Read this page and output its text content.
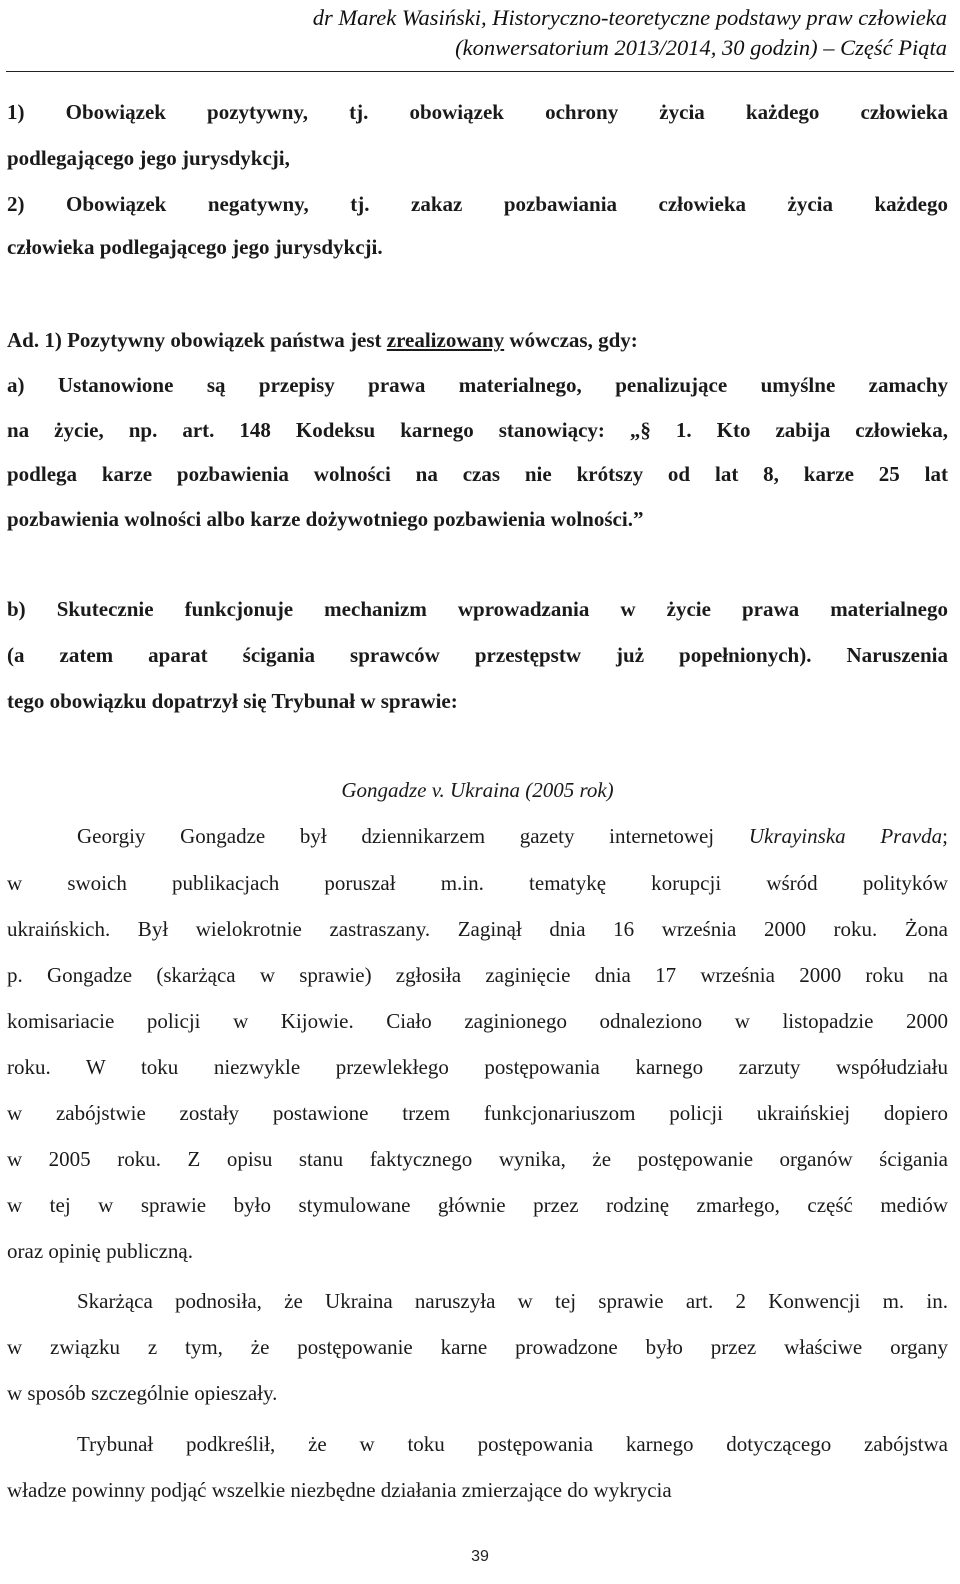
dr Marek Wasiński, Historyczno-teoretyczne podstawy praw człowieka
(konwersatorium 2013/2014, 30 godzin) – Część Piąta
1) Obowiązek pozytywny, tj. obowiązek ochrony życia każdego człowieka
podlegającego jego jurysdykcji,
2) Obowiązek negatywny, tj. zakaz pozbawiania człowieka życia każdego
człowieka podlegającego jego jurysdykcji.
Ad. 1) Pozytywny obowiązek państwa jest zrealizowany wówczas, gdy:
a) Ustanowione są przepisy prawa materialnego, penalizujące umyślne zamachy
na życie, np. art. 148 Kodeksu karnego stanowiący: „§ 1. Kto zabija człowieka,
podlega karze pozbawienia wolności na czas nie krótszy od lat 8, karze 25 lat
pozbawienia wolności albo karze dożywotniego pozbawienia wolności.”
b) Skutecznie funkcjonuje mechanizm wprowadzania w życie prawa materialnego
(a zatem aparat ścigania sprawców przestępstw już popełnionych). Naruszenia
tego obowiązku dopatrzył się Trybunał w sprawie:
Gongadze v. Ukraina (2005 rok)
Georgiy Gongadze był dziennikarzem gazety internetowej Ukrayinska Pravda;
w swoich publikacjach poruszał m.in. tematykę korupcji wśród polityków
ukraińskich. Był wielokrotnie zastraszany. Zaginął dnia 16 września 2000 roku. Żona
p. Gongadze (skarżąca w sprawie) zgłosiła zaginięcie dnia 17 września 2000 roku na
komisariacie policji w Kijowie. Ciało zaginionego odnaleziono w listopadzie 2000
roku. W toku niezwykle przewlekłego postępowania karnego zarzuty współudziału
w zabójstwie zostały postawione trzem funkcjonariuszom policji ukraińskiej dopiero
w 2005 roku. Z opisu stanu faktycznego wynika, że postępowanie organów ścigania
w tej w sprawie było stymulowane głównie przez rodzinę zmarłego, część mediów
oraz opinię publiczną.
Skarżąca podnosiła, że Ukraina naruszyła w tej sprawie art. 2 Konwencji m. in.
w związku z tym, że postępowanie karne prowadzone było przez właściwe organy
w sposób szczególnie opieszały.
Trybunał podkreślił, że w toku postępowania karnego dotyczącego zabójstwa
władze powinny podjąć wszelkie niezbędne działania zmierzające do wykrycia
39
